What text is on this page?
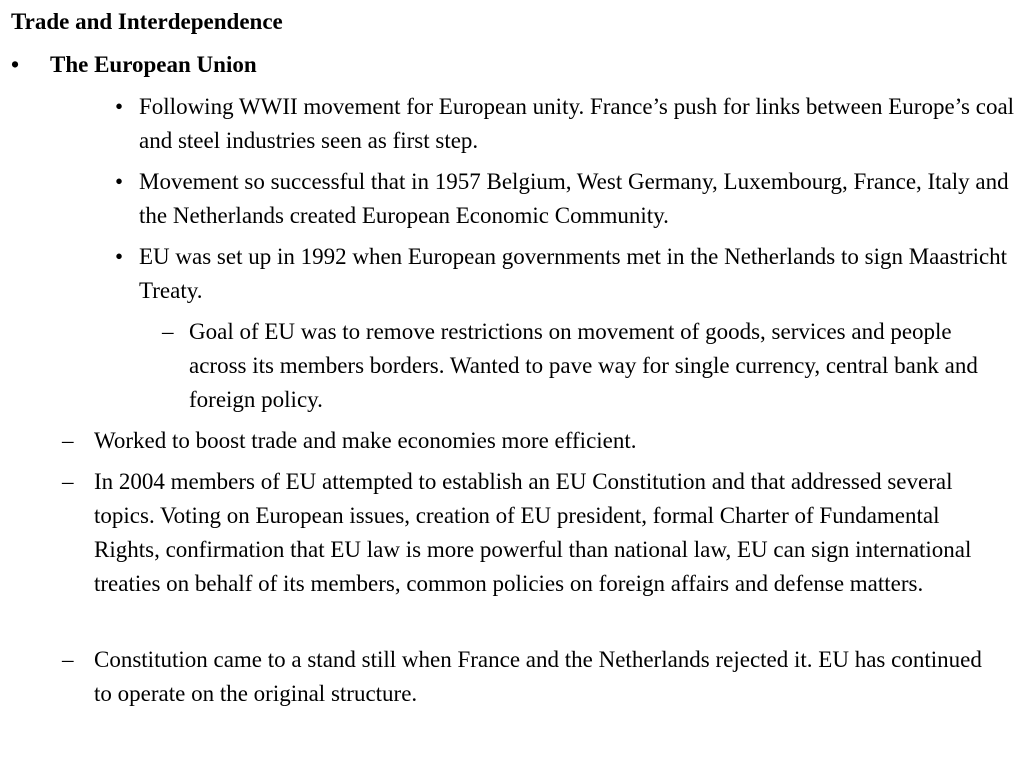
Trade and Interdependence
•	The European Union
• Following WWII movement for European unity. France’s push for links between Europe’s coal and steel industries seen as first step.
• Movement so successful that in 1957 Belgium, West Germany, Luxembourg, France, Italy and the Netherlands created European Economic Community.
• EU was set up in 1992 when European governments met in the Netherlands to sign Maastricht Treaty.
– Goal of EU was to remove restrictions on movement of goods, services and people across its members borders. Wanted to pave way for single currency, central bank and foreign policy.
– Worked to boost trade and make economies more efficient.
– In 2004 members of EU attempted to establish an EU Constitution and that addressed several topics. Voting on European issues, creation of EU president, formal Charter of Fundamental Rights, confirmation that EU law is more powerful than national law, EU can sign international treaties on behalf of its members, common policies on foreign affairs and defense matters.
– Constitution came to a stand still when France and the Netherlands rejected it. EU has continued to operate on the original structure.
